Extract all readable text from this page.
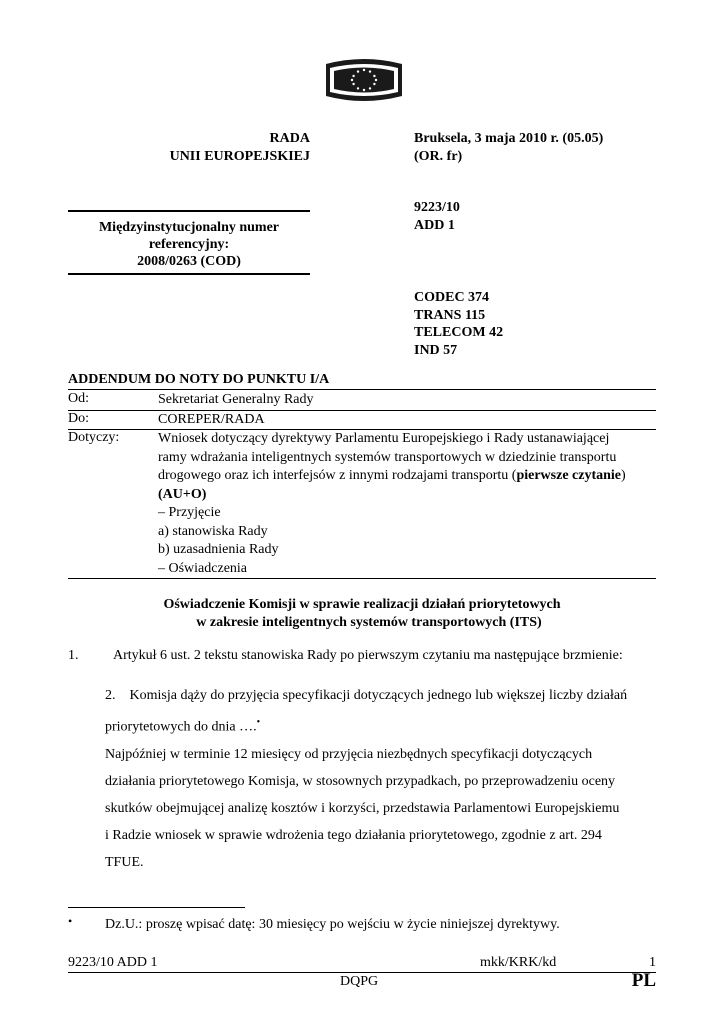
RADA
UNII EUROPEJSKIEJ
Bruksela, 3 maja 2010 r. (05.05)
(OR. fr)
Międzyinstytucjonalny numer
referencyjny:
2008/0263 (COD)
9223/10
ADD 1
CODEC 374
TRANS 115
TELECOM 42
IND 57
ADDENDUM DO NOTY DO PUNKTU I/A
Od:	Sekretariat Generalny Rady
Do:	COREPER/RADA
Dotyczy:	Wniosek dotyczący dyrektywy Parlamentu Europejskiego i Rady ustanawiającej
ramy wdrażania inteligentnych systemów transportowych w dziedzinie transportu
drogowego oraz ich interfejsów z innymi rodzajami transportu (pierwsze czytanie)
(AU+O)
– Przyjęcie
a) stanowiska Rady
b) uzasadnienia Rady
– Oświadczenia
Oświadczenie Komisji w sprawie realizacji działań priorytetowych
w zakresie inteligentnych systemów transportowych (ITS)
1. Artykuł 6 ust. 2 tekstu stanowiska Rady po pierwszym czytaniu ma następujące brzmienie:
2.    Komisja dąży do przyjęcia specyfikacji dotyczących jednego lub większej liczby działań
priorytetowych do dnia ….•
Najpóźniej w terminie 12 miesięcy od przyjęcia niezbędnych specyfikacji dotyczących
działania priorytetowego Komisja, w stosownych przypadkach, po przeprowadzeniu oceny
skutków obejmującej analizę kosztów i korzyści, przedstawia Parlamentowi Europejskiemu
i Radzie wniosek w sprawie wdrożenia tego działania priorytetowego, zgodnie z art. 294
TFUE.
• Dz.U.: proszę wpisać datę: 30 miesięcy po wejściu w życie niniejszej dyrektywy.
9223/10 ADD 1	mkk/KRK/kd	1
DQPG	PL
